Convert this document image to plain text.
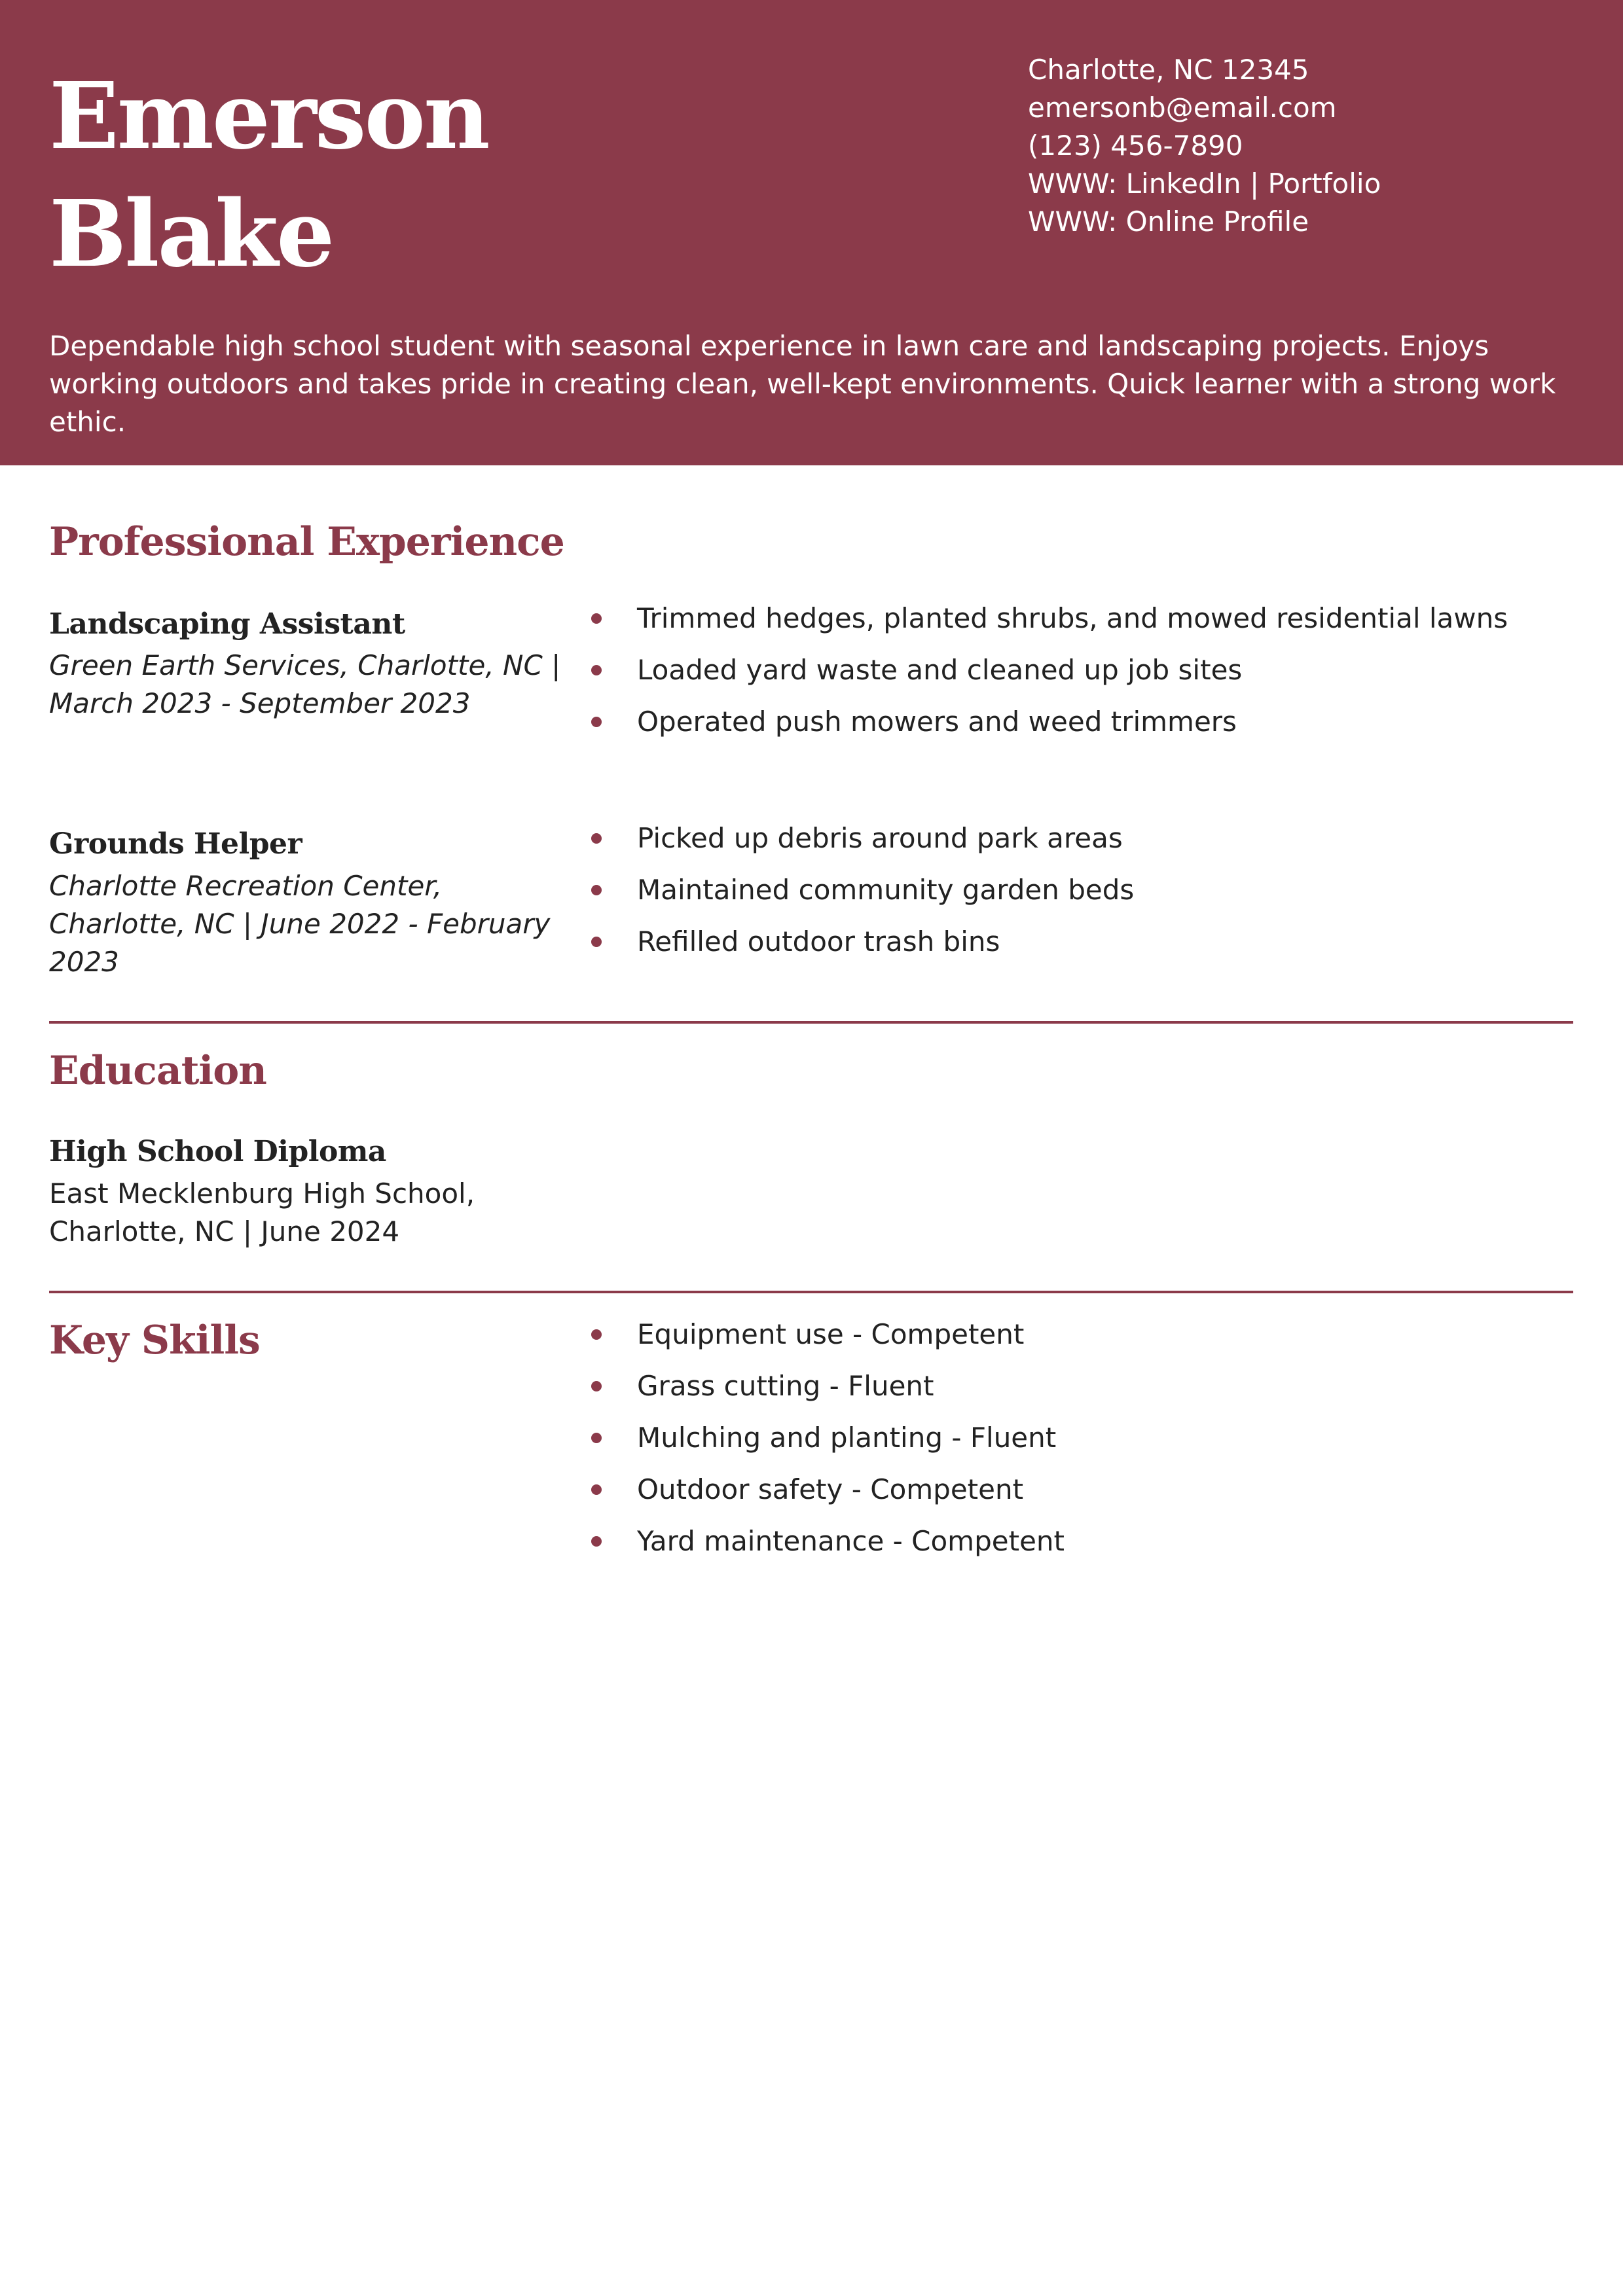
Emerson
Blake
Charlotte, NC 12345
emersonb@email.com
(123) 456-7890
WWW: LinkedIn | Portfolio
WWW: Online Profile
Dependable high school student with seasonal experience in lawn care and landscaping projects. Enjoys working outdoors and takes pride in creating clean, well-kept environments. Quick learner with a strong work ethic.
Professional Experience
Landscaping Assistant
Green Earth Services, Charlotte, NC | March 2023 - September 2023
Trimmed hedges, planted shrubs, and mowed residential lawns
Loaded yard waste and cleaned up job sites
Operated push mowers and weed trimmers
Grounds Helper
Charlotte Recreation Center, Charlotte, NC | June 2022 - February 2023
Picked up debris around park areas
Maintained community garden beds
Refilled outdoor trash bins
Education
High School Diploma
East Mecklenburg High School, Charlotte, NC | June 2024
Key Skills	Equipment use - Competent
Grass cutting - Fluent
Mulching and planting - Fluent
Outdoor safety - Competent
Yard maintenance - Competent
